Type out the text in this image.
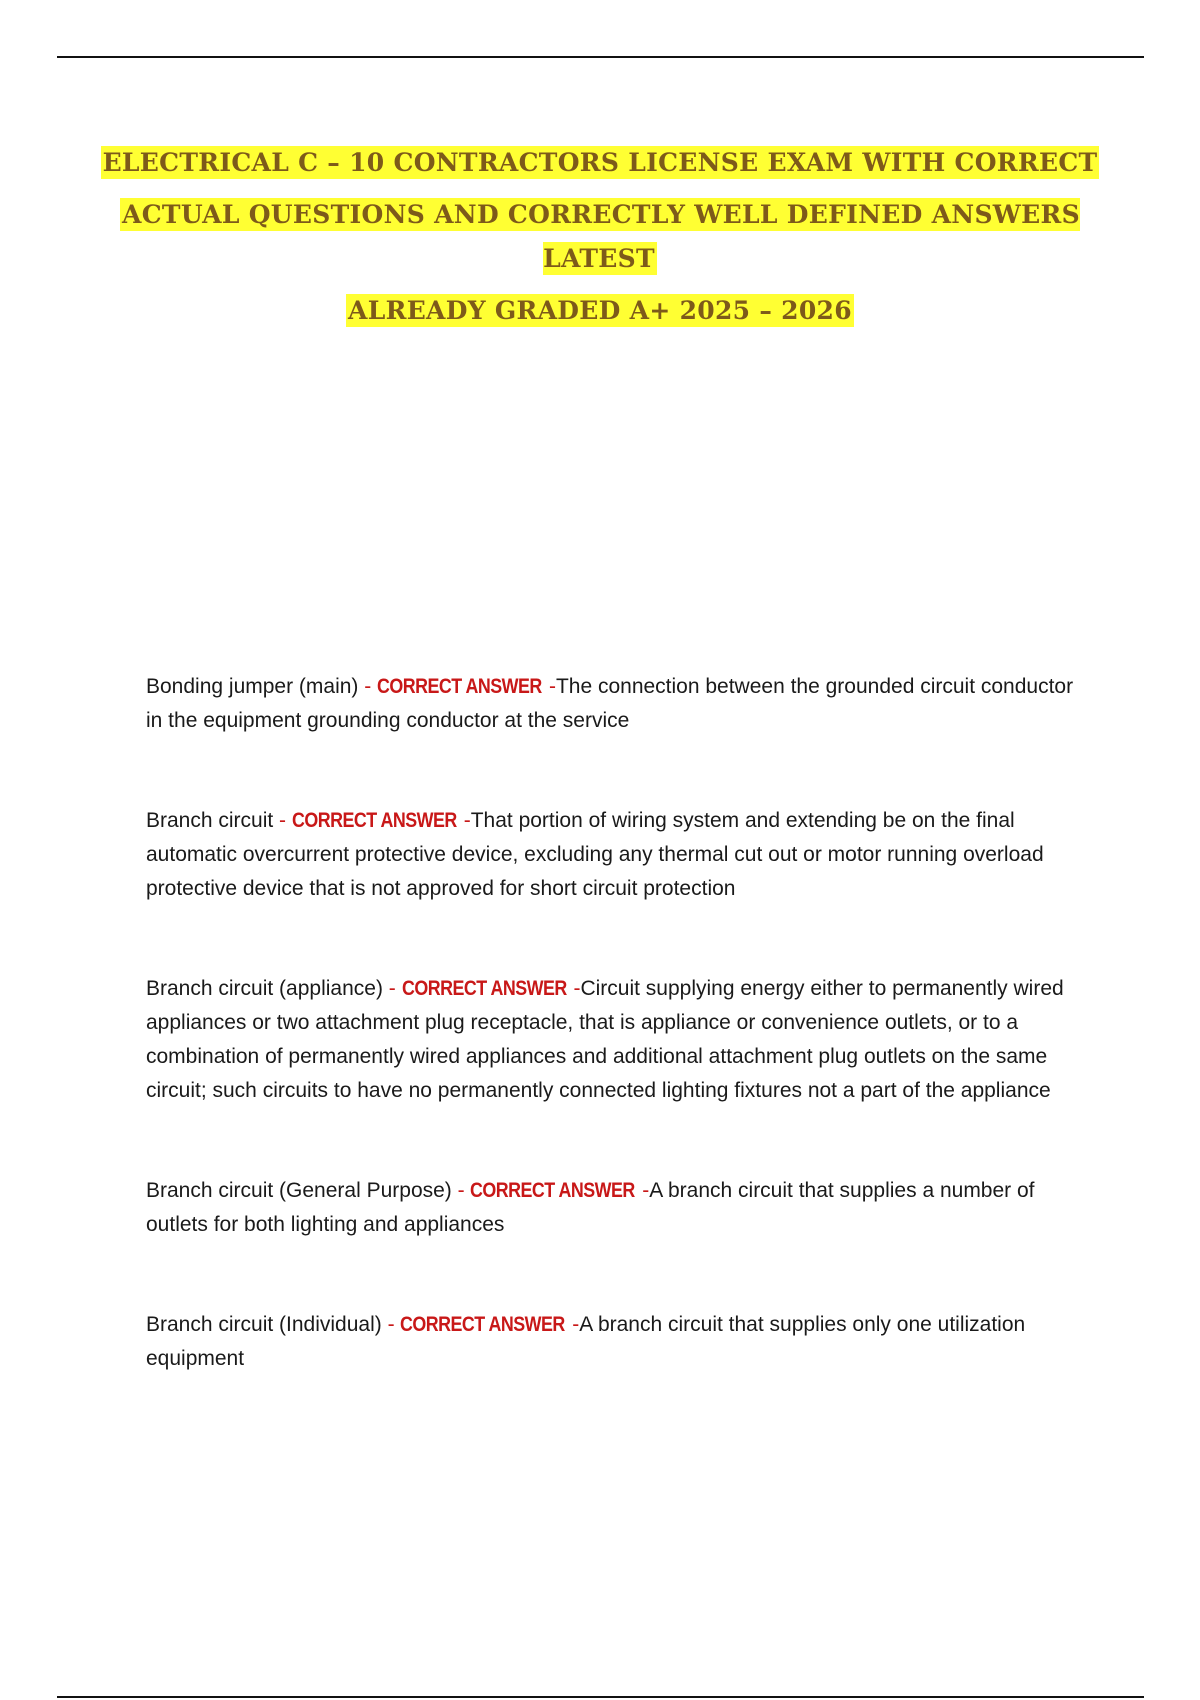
ELECTRICAL C – 10 CONTRACTORS LICENSE EXAM WITH CORRECT
ACTUAL QUESTIONS AND CORRECTLY WELL DEFINED ANSWERS LATEST
ALREADY GRADED A+ 2025 – 2026

Bonding jumper (main) - CORRECT ANSWER -The connection between the grounded circuit conductor in the equipment grounding conductor at the service

Branch circuit - CORRECT ANSWER -That portion of wiring system and extending be on the final automatic overcurrent protective device, excluding any thermal cut out or motor running overload protective device that is not approved for short circuit protection

Branch circuit (appliance) - CORRECT ANSWER -Circuit supplying energy either to permanently wired appliances or two attachment plug receptacle, that is appliance or convenience outlets, or to a combination of permanently wired appliances and additional attachment plug outlets on the same circuit; such circuits to have no permanently connected lighting fixtures not a part of the appliance

Branch circuit (General Purpose) - CORRECT ANSWER -A branch circuit that supplies a number of outlets for both lighting and appliances

Branch circuit (Individual) - CORRECT ANSWER -A branch circuit that supplies only one utilization equipment
